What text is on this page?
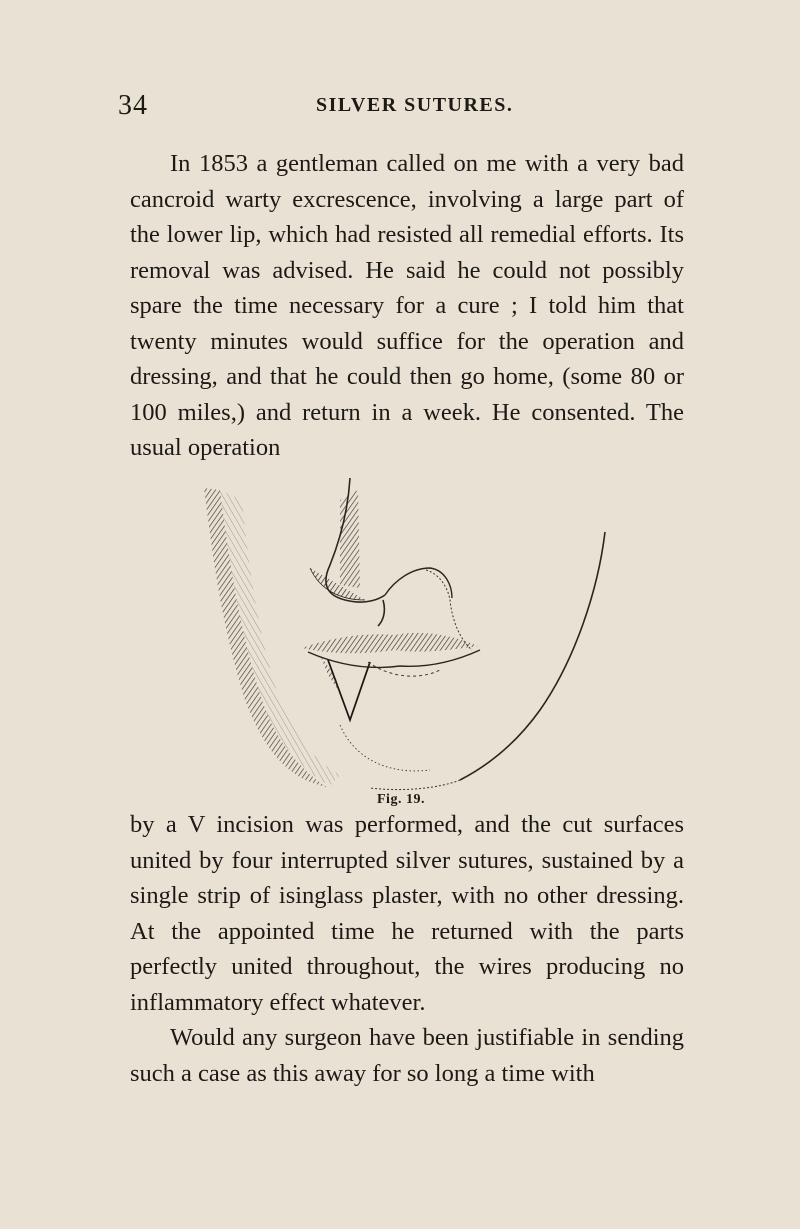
34	SILVER SUTURES.
In 1853 a gentleman called on me with a very bad cancroid warty excrescence, involving a large part of the lower lip, which had resisted all remedial efforts. Its removal was advised. He said he could not possibly spare the time necessary for a cure ; I told him that twenty minutes would suffice for the operation and dressing, and that he could then go home, (some 80 or 100 miles,) and return in a week. He consented. The usual operation
Fig. 19.
by a V incision was performed, and the cut surfaces united by four interrupted silver sutures, sustained by a single strip of isinglass plaster, with no other dressing. At the appointed time he returned with the parts perfectly united throughout, the wires producing no inflammatory effect whatever.
Would any surgeon have been justifiable in sending such a case as this away for so long a time with
